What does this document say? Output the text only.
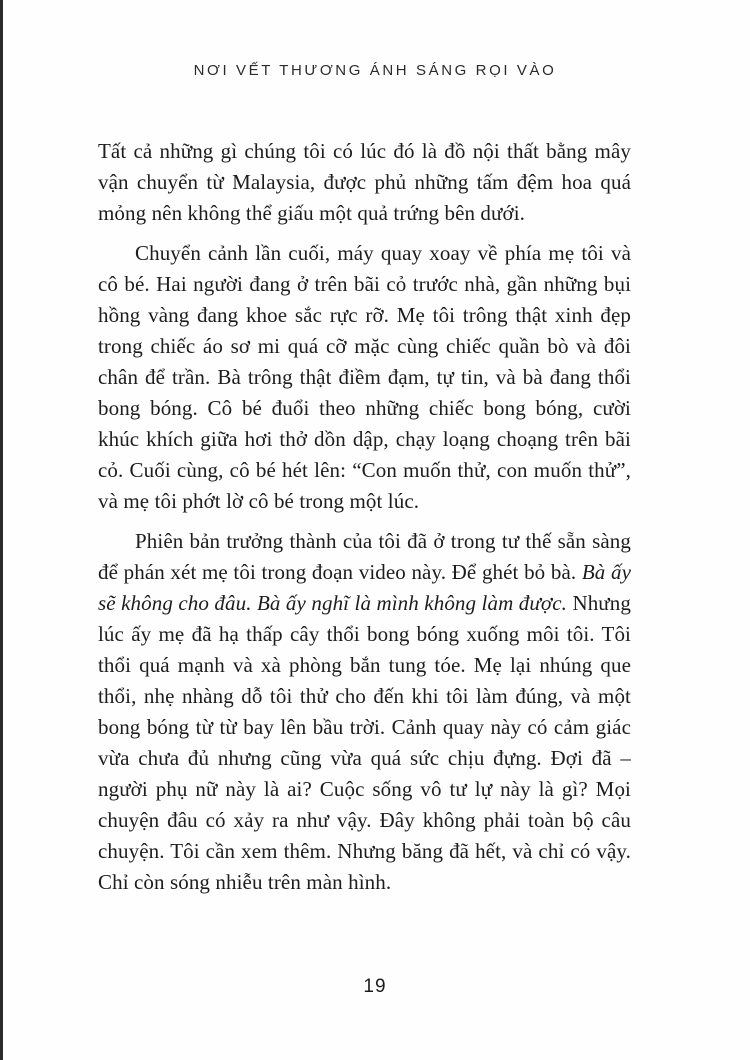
NƠI VẾT THƯƠNG ÁNH SÁNG RỌI VÀO

Tất cả những gì chúng tôi có lúc đó là đồ nội thất bằng mây vận chuyển từ Malaysia, được phủ những tấm đệm hoa quá mỏng nên không thể giấu một quả trứng bên dưới.

Chuyển cảnh lần cuối, máy quay xoay về phía mẹ tôi và cô bé. Hai người đang ở trên bãi cỏ trước nhà, gần những bụi hồng vàng đang khoe sắc rực rỡ. Mẹ tôi trông thật xinh đẹp trong chiếc áo sơ mi quá cỡ mặc cùng chiếc quần bò và đôi chân để trần. Bà trông thật điềm đạm, tự tin, và bà đang thổi bong bóng. Cô bé đuổi theo những chiếc bong bóng, cười khúc khích giữa hơi thở dồn dập, chạy loạng choạng trên bãi cỏ. Cuối cùng, cô bé hét lên: “Con muốn thử, con muốn thử”, và mẹ tôi phớt lờ cô bé trong một lúc.

Phiên bản trưởng thành của tôi đã ở trong tư thế sẵn sàng để phán xét mẹ tôi trong đoạn video này. Để ghét bỏ bà. Bà ấy sẽ không cho đâu. Bà ấy nghĩ là mình không làm được. Nhưng lúc ấy mẹ đã hạ thấp cây thổi bong bóng xuống môi tôi. Tôi thổi quá mạnh và xà phòng bắn tung tóe. Mẹ lại nhúng que thổi, nhẹ nhàng dỗ tôi thử cho đến khi tôi làm đúng, và một bong bóng từ từ bay lên bầu trời. Cảnh quay này có cảm giác vừa chưa đủ nhưng cũng vừa quá sức chịu đựng. Đợi đã – người phụ nữ này là ai? Cuộc sống vô tư lự này là gì? Mọi chuyện đâu có xảy ra như vậy. Đây không phải toàn bộ câu chuyện. Tôi cần xem thêm. Nhưng băng đã hết, và chỉ có vậy. Chỉ còn sóng nhiễu trên màn hình.

19
